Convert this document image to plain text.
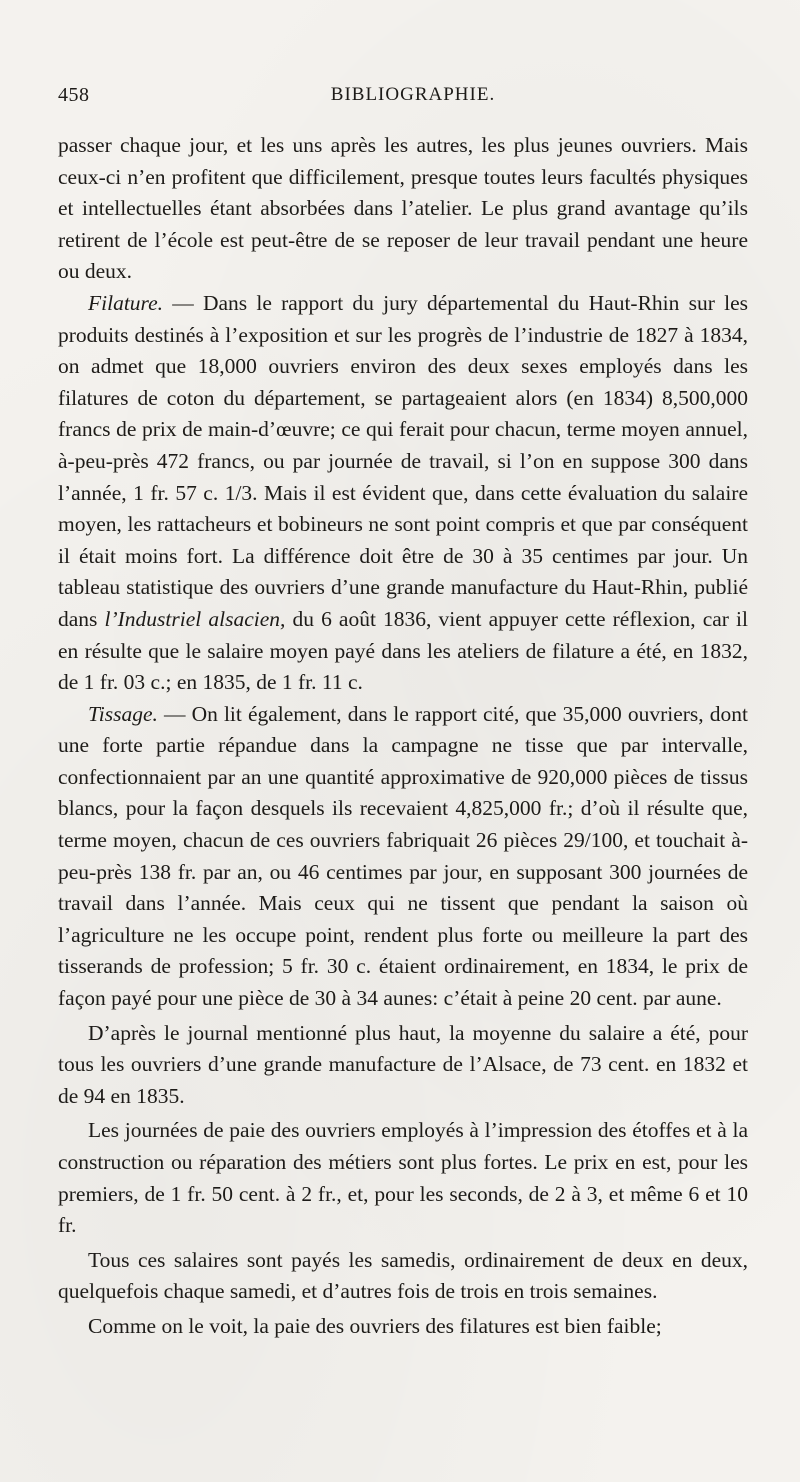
458	BIBLIOGRAPHIE.

passer chaque jour, et les uns après les autres, les plus jeunes ouvriers. Mais ceux-ci n’en profitent que difficilement, presque toutes leurs facultés physiques et intellectuelles étant absorbées dans l’atelier. Le plus grand avantage qu’ils retirent de l’école est peut-être de se reposer de leur travail pendant une heure ou deux.

Filature. — Dans le rapport du jury départemental du Haut-Rhin sur les produits destinés à l’exposition et sur les progrès de l’industrie de 1827 à 1834, on admet que 18,000 ouvriers environ des deux sexes employés dans les filatures de coton du département, se partageaient alors (en 1834) 8,500,000 francs de prix de main-d’œuvre; ce qui ferait pour chacun, terme moyen annuel, à-peu-près 472 francs, ou par journée de travail, si l’on en suppose 300 dans l’année, 1 fr. 57 c. 1/3. Mais il est évident que, dans cette évaluation du salaire moyen, les rattacheurs et bobineurs ne sont point compris et que par conséquent il était moins fort. La différence doit être de 30 à 35 centimes par jour. Un tableau statistique des ouvriers d’une grande manufacture du Haut-Rhin, publié dans l’Industriel alsacien, du 6 août 1836, vient appuyer cette réflexion, car il en résulte que le salaire moyen payé dans les ateliers de filature a été, en 1832, de 1 fr. 03 c.; en 1835, de 1 fr. 11 c.

Tissage. — On lit également, dans le rapport cité, que 35,000 ouvriers, dont une forte partie répandue dans la campagne ne tisse que par intervalle, confectionnaient par an une quantité approximative de 920,000 pièces de tissus blancs, pour la façon desquels ils recevaient 4,825,000 fr.; d’où il résulte que, terme moyen, chacun de ces ouvriers fabriquait 26 pièces 29/100, et touchait à-peu-près 138 fr. par an, ou 46 centimes par jour, en supposant 300 journées de travail dans l’année. Mais ceux qui ne tissent que pendant la saison où l’agriculture ne les occupe point, rendent plus forte ou meilleure la part des tisserands de profession; 5 fr. 30 c. étaient ordinairement, en 1834, le prix de façon payé pour une pièce de 30 à 34 aunes: c’était à peine 20 cent. par aune.

D’après le journal mentionné plus haut, la moyenne du salaire a été, pour tous les ouvriers d’une grande manufacture de l’Alsace, de 73 cent. en 1832 et de 94 en 1835.

Les journées de paie des ouvriers employés à l’impression des étoffes et à la construction ou réparation des métiers sont plus fortes. Le prix en est, pour les premiers, de 1 fr. 50 cent. à 2 fr., et, pour les seconds, de 2 à 3, et même 6 et 10 fr.

Tous ces salaires sont payés les samedis, ordinairement de deux en deux, quelquefois chaque samedi, et d’autres fois de trois en trois semaines.

Comme on le voit, la paie des ouvriers des filatures est bien faible;
